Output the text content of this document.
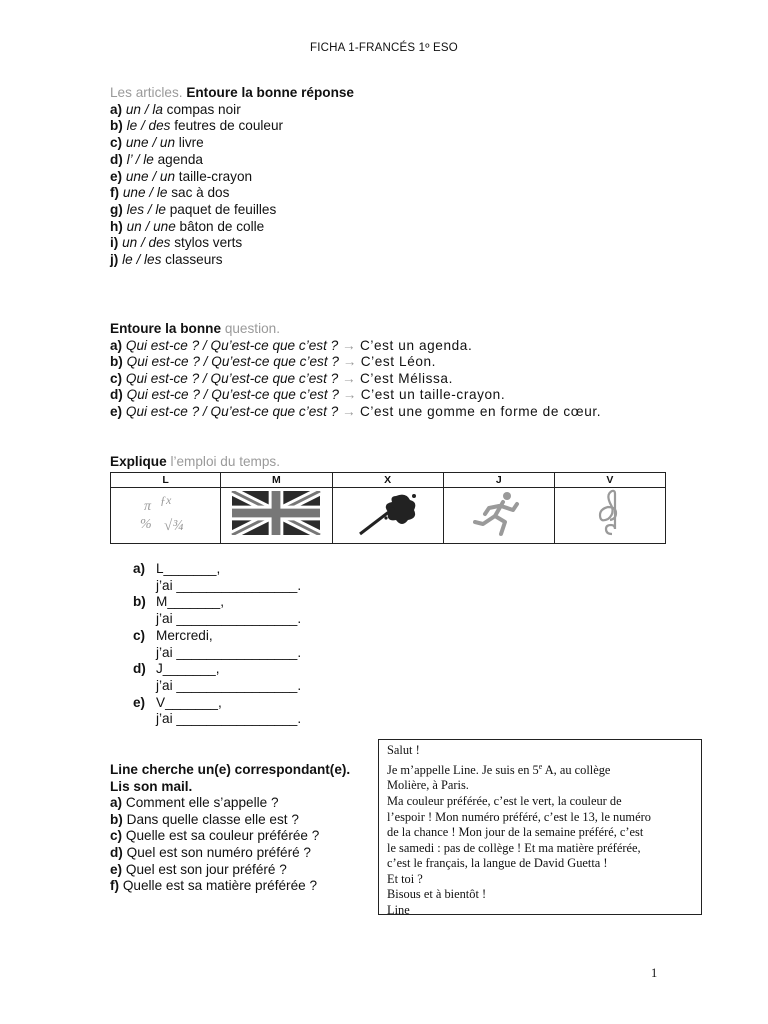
FICHA 1-FRANCÉS 1º ESO
Les articles. Entoure la bonne réponse
a) un / la compas noir
b) le / des feutres de couleur
c) une / un livre
d) l’ / le agenda
e) une / un taille-crayon
f) une / le sac à dos
g) les / le paquet de feuilles
h) un / une bâton de colle
i) un / des stylos verts
j) le / les classeurs
Entoure la bonne question.
a) Qui est-ce ? / Qu’est-ce que c’est ? → C’est un agenda.
b) Qui est-ce ? / Qu’est-ce que c’est ? → C’est Léon.
c) Qui est-ce ? / Qu’est-ce que c’est ? → C’est Mélissa.
d) Qui est-ce ? / Qu’est-ce que c’est ? → C’est un taille-crayon.
e) Qui est-ce ? / Qu’est-ce que c’est ? → C’est une gomme en forme de cœur.
Explique l’emploi du temps.
L	M	X	J	V

π ƒx
% √¾

a) L_______,
j’ai ________________.
b) M_______,
j’ai ________________.
c) Mercredi,
j’ai ________________.
d) J_______,
j’ai ________________.
e) V_______,
j’ai ________________.
Line cherche un(e) correspondant(e). Lis son mail.
a) Comment elle s’appelle ?
b) Dans quelle classe elle est ?
c) Quelle est sa couleur préférée ?
d) Quel est son numéro préféré ?
e) Quel est son jour préféré ?
f) Quelle est sa matière préférée ?
Salut !
Je m’appelle Line. Je suis en 5e A, au collège
Molière, à Paris.
Ma couleur préférée, c’est le vert, la couleur de
l’espoir ! Mon numéro préféré, c’est le 13, le numéro
de la chance ! Mon jour de la semaine préféré, c’est
le samedi : pas de collège ! Et ma matière préférée,
c’est le français, la langue de David Guetta !
Et toi ?
Bisous et à bientôt !
Line
1
